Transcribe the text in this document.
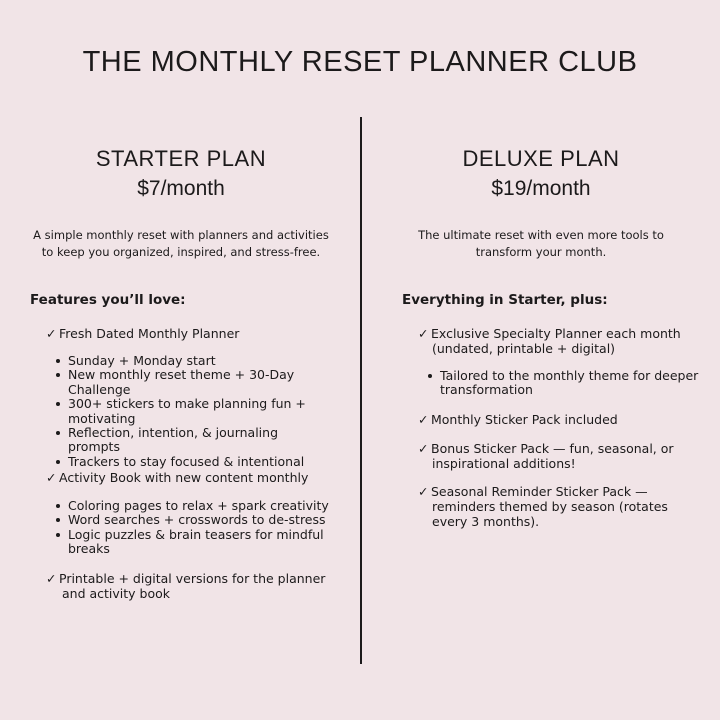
THE MONTHLY RESET PLANNER CLUB
STARTER PLAN
$7/month
A simple monthly reset with planners and activities
to keep you organized, inspired, and stress-free.
Features you’ll love:
✓ Fresh Dated Monthly Planner
Sunday + Monday start
New monthly reset theme + 30-Day Challenge
300+ stickers to make planning fun + motivating
Reflection, intention, & journaling prompts
Trackers to stay focused & intentional
✓ Activity Book with new content monthly
Coloring pages to relax + spark creativity
Word searches + crosswords to de-stress
Logic puzzles & brain teasers for mindful breaks
✓ Printable + digital versions for the planner
and activity book
DELUXE PLAN
$19/month
The ultimate reset with even more tools to
transform your month.
Everything in Starter, plus:
✓ Exclusive Specialty Planner each month
(undated, printable + digital)
Tailored to the monthly theme for deeper transformation
✓ Monthly Sticker Pack included
✓ Bonus Sticker Pack — fun, seasonal, or
inspirational additions!
✓ Seasonal Reminder Sticker Pack —
reminders themed by season (rotates
every 3 months).
